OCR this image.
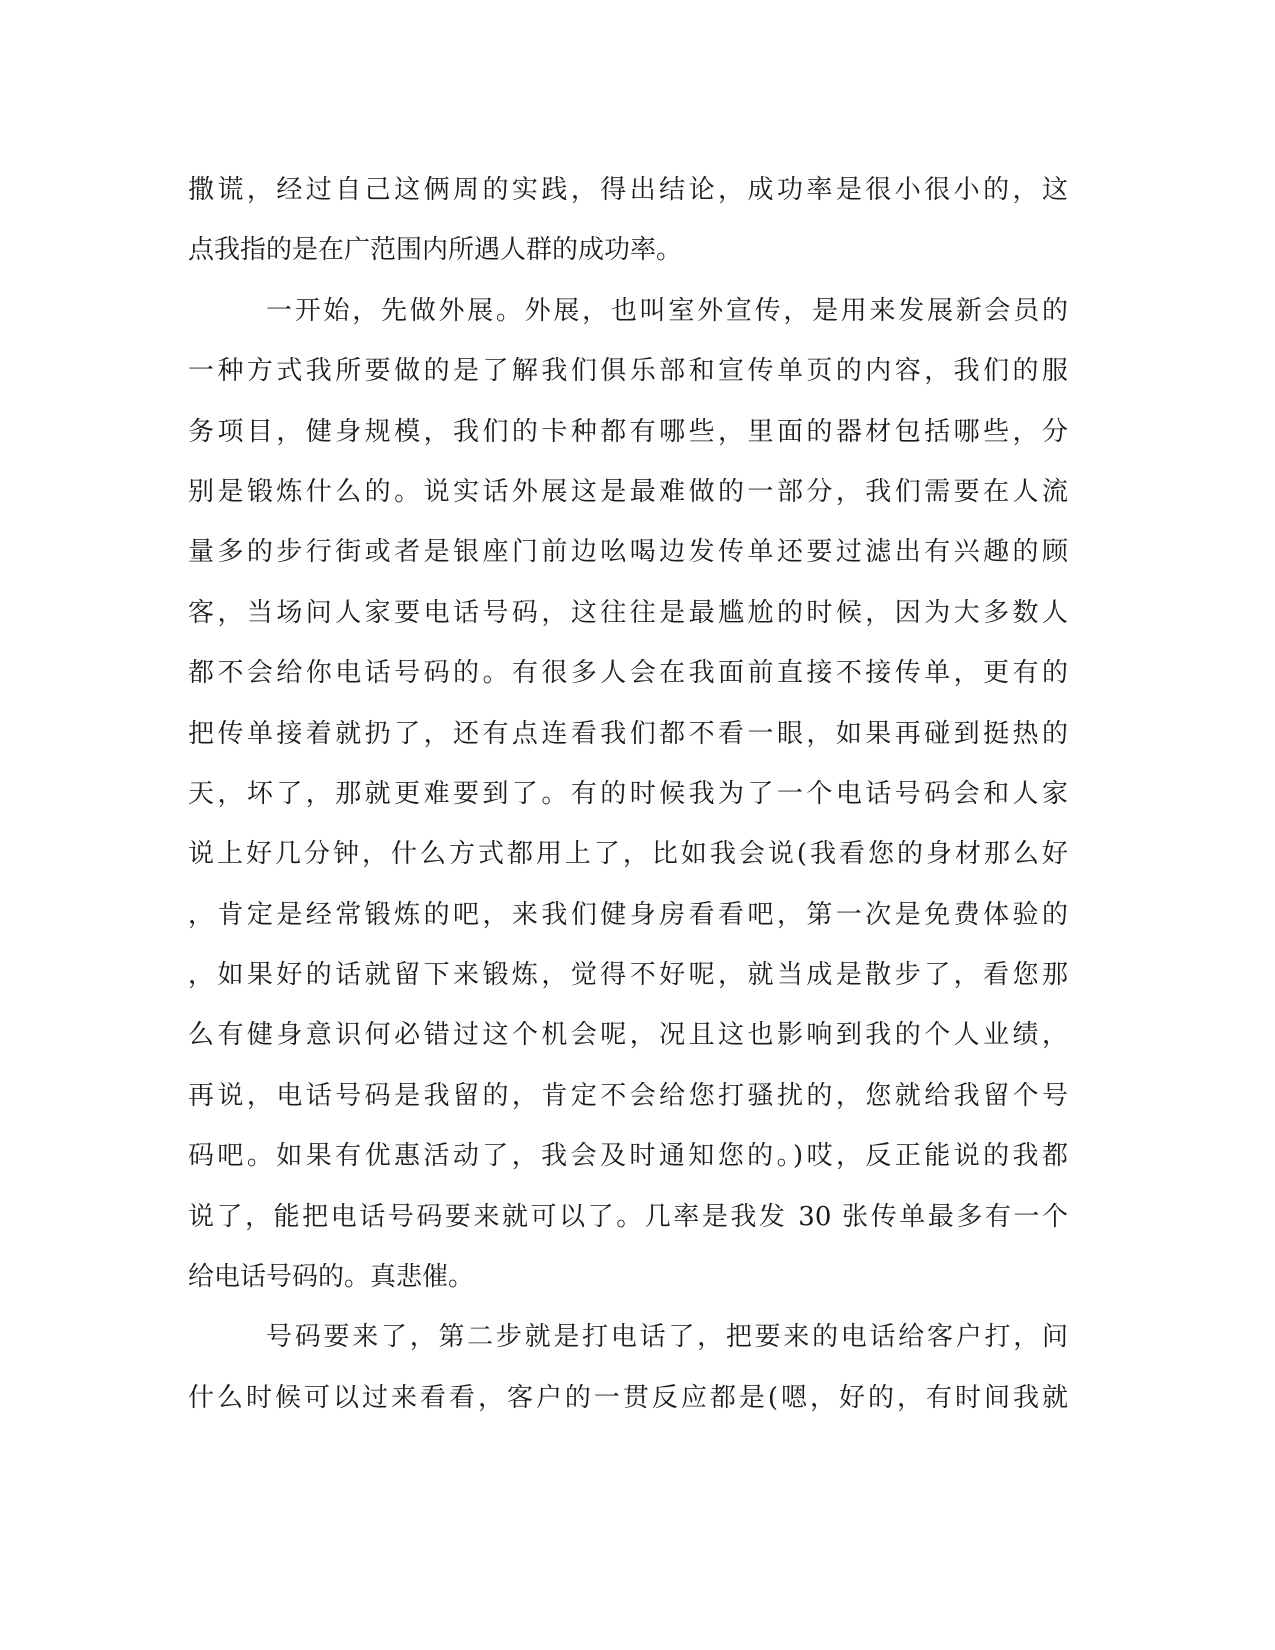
撒谎，经过自己这俩周的实践，得出结论，成功率是很小很小的，这
点我指的是在广范围内所遇人群的成功率。
一开始，先做外展。外展，也叫室外宣传，是用来发展新会员的
一种方式我所要做的是了解我们俱乐部和宣传单页的内容，我们的服
务项目，健身规模，我们的卡种都有哪些，里面的器材包括哪些，分
别是锻炼什么的。说实话外展这是最难做的一部分，我们需要在人流
量多的步行街或者是银座门前边吆喝边发传单还要过滤出有兴趣的顾
客，当场问人家要电话号码，这往往是最尴尬的时候，因为大多数人
都不会给你电话号码的。有很多人会在我面前直接不接传单，更有的
把传单接着就扔了，还有点连看我们都不看一眼，如果再碰到挺热的
天，坏了，那就更难要到了。有的时候我为了一个电话号码会和人家
说上好几分钟，什么方式都用上了，比如我会说(我看您的身材那么好
，肯定是经常锻炼的吧，来我们健身房看看吧，第一次是免费体验的
，如果好的话就留下来锻炼，觉得不好呢，就当成是散步了，看您那
么有健身意识何必错过这个机会呢，况且这也影响到我的个人业绩，
再说，电话号码是我留的，肯定不会给您打骚扰的，您就给我留个号
码吧。如果有优惠活动了，我会及时通知您的。)哎，反正能说的我都
说了，能把电话号码要来就可以了。几率是我发 30 张传单最多有一个
给电话号码的。真悲催。
号码要来了，第二步就是打电话了，把要来的电话给客户打，问
什么时候可以过来看看，客户的一贯反应都是(嗯，好的，有时间我就
